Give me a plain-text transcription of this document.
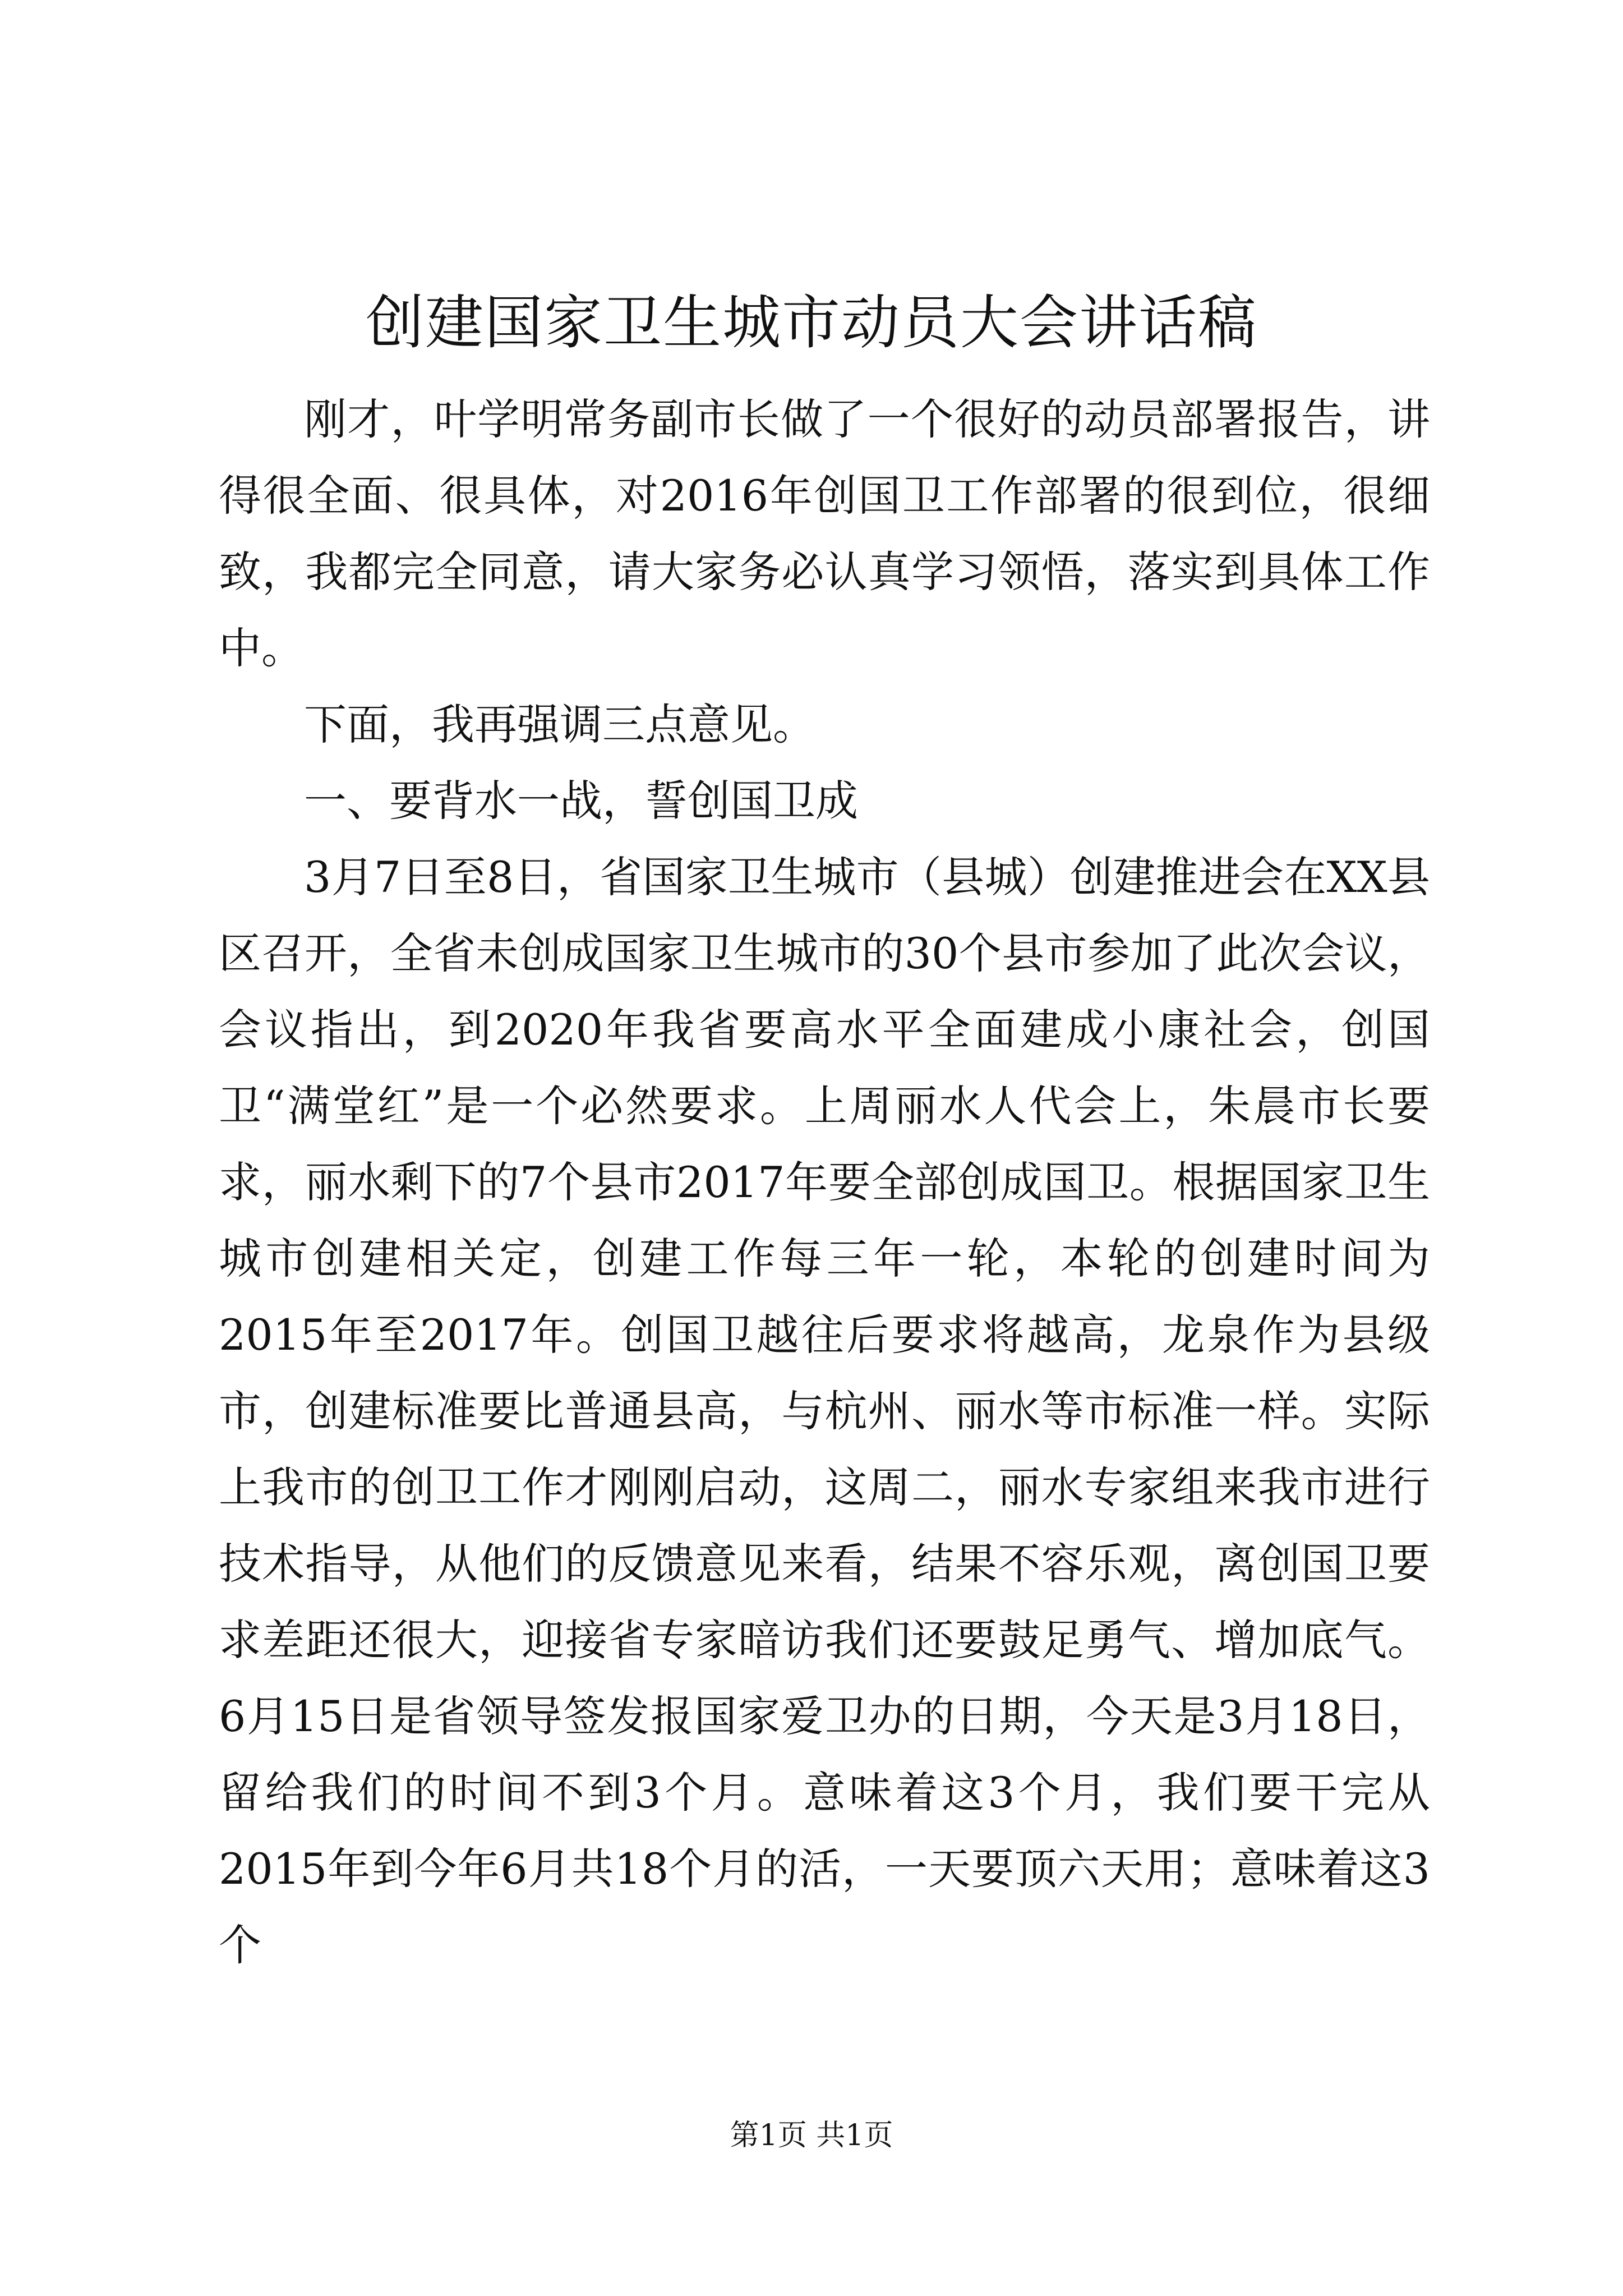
创建国家卫生城市动员大会讲话稿

刚才，叶学明常务副市长做了一个很好的动员部署报告，讲得很全面、很具体，对2016年创国卫工作部署的很到位，很细致，我都完全同意，请大家务必认真学习领悟，落实到具体工作中。

下面，我再强调三点意见。

一、要背水一战，誓创国卫成

3月7日至8日，省国家卫生城市（县城）创建推进会在XX县区召开，全省未创成国家卫生城市的30个县市参加了此次会议，会议指出，到2020年我省要高水平全面建成小康社会，创国卫“满堂红”是一个必然要求。上周丽水人代会上，朱晨市长要求，丽水剩下的7个县市2017年要全部创成国卫。根据国家卫生城市创建相关定，创建工作每三年一轮，本轮的创建时间为2015年至2017年。创国卫越往后要求将越高，龙泉作为县级市，创建标准要比普通县高，与杭州、丽水等市标准一样。实际上我市的创卫工作才刚刚启动，这周二，丽水专家组来我市进行技术指导，从他们的反馈意见来看，结果不容乐观，离创国卫要求差距还很大，迎接省专家暗访我们还要鼓足勇气、增加底气。6月15日是省领导签发报国家爱卫办的日期，今天是3月18日，留给我们的时间不到3个月。意味着这3个月，我们要干完从2015年到今年6月共18个月的活，一天要顶六天用；意味着这3个

第1页 共1页
